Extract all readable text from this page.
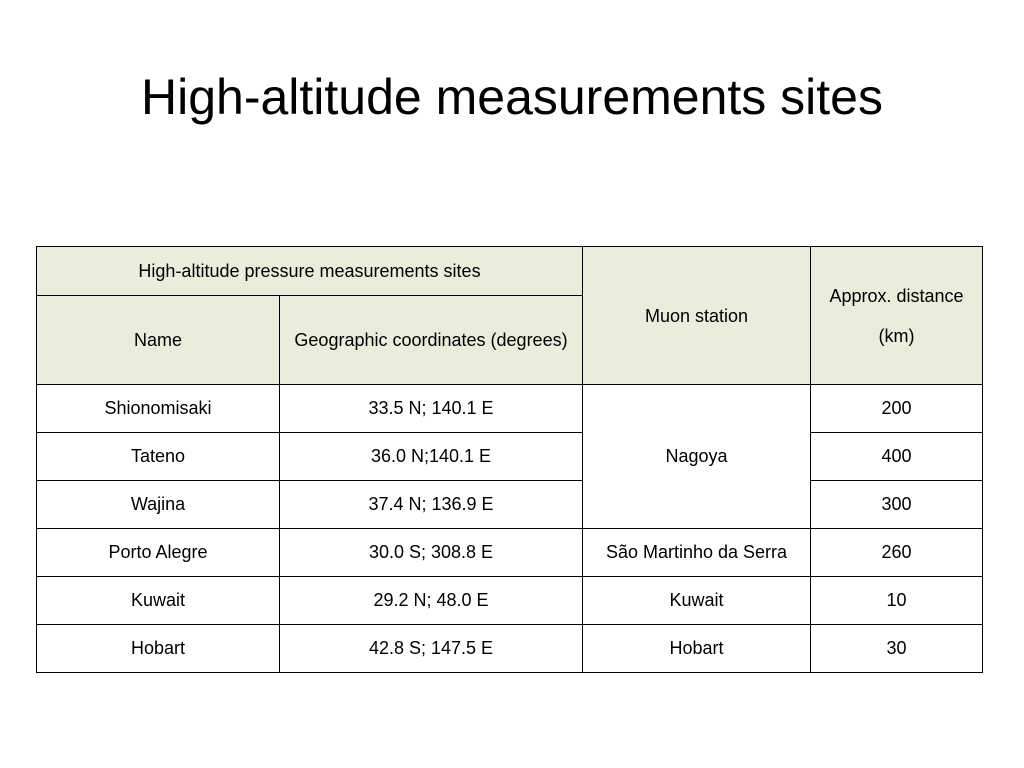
High-altitude measurements sites
High-altitude pressure measurements sites		Muon station	Approx. distance (km)
Name	Geographic coordinates (degrees)		
Shionomisaki	33.5 N; 140.1 E	Nagoya	200
Tateno	36.0 N;140.1 E		400
Wajina	37.4 N; 136.9 E		300
Porto Alegre	30.0 S; 308.8 E	São Martinho da Serra	260
Kuwait	29.2 N; 48.0 E	Kuwait	10
Hobart	42.8 S; 147.5 E	Hobart	30
